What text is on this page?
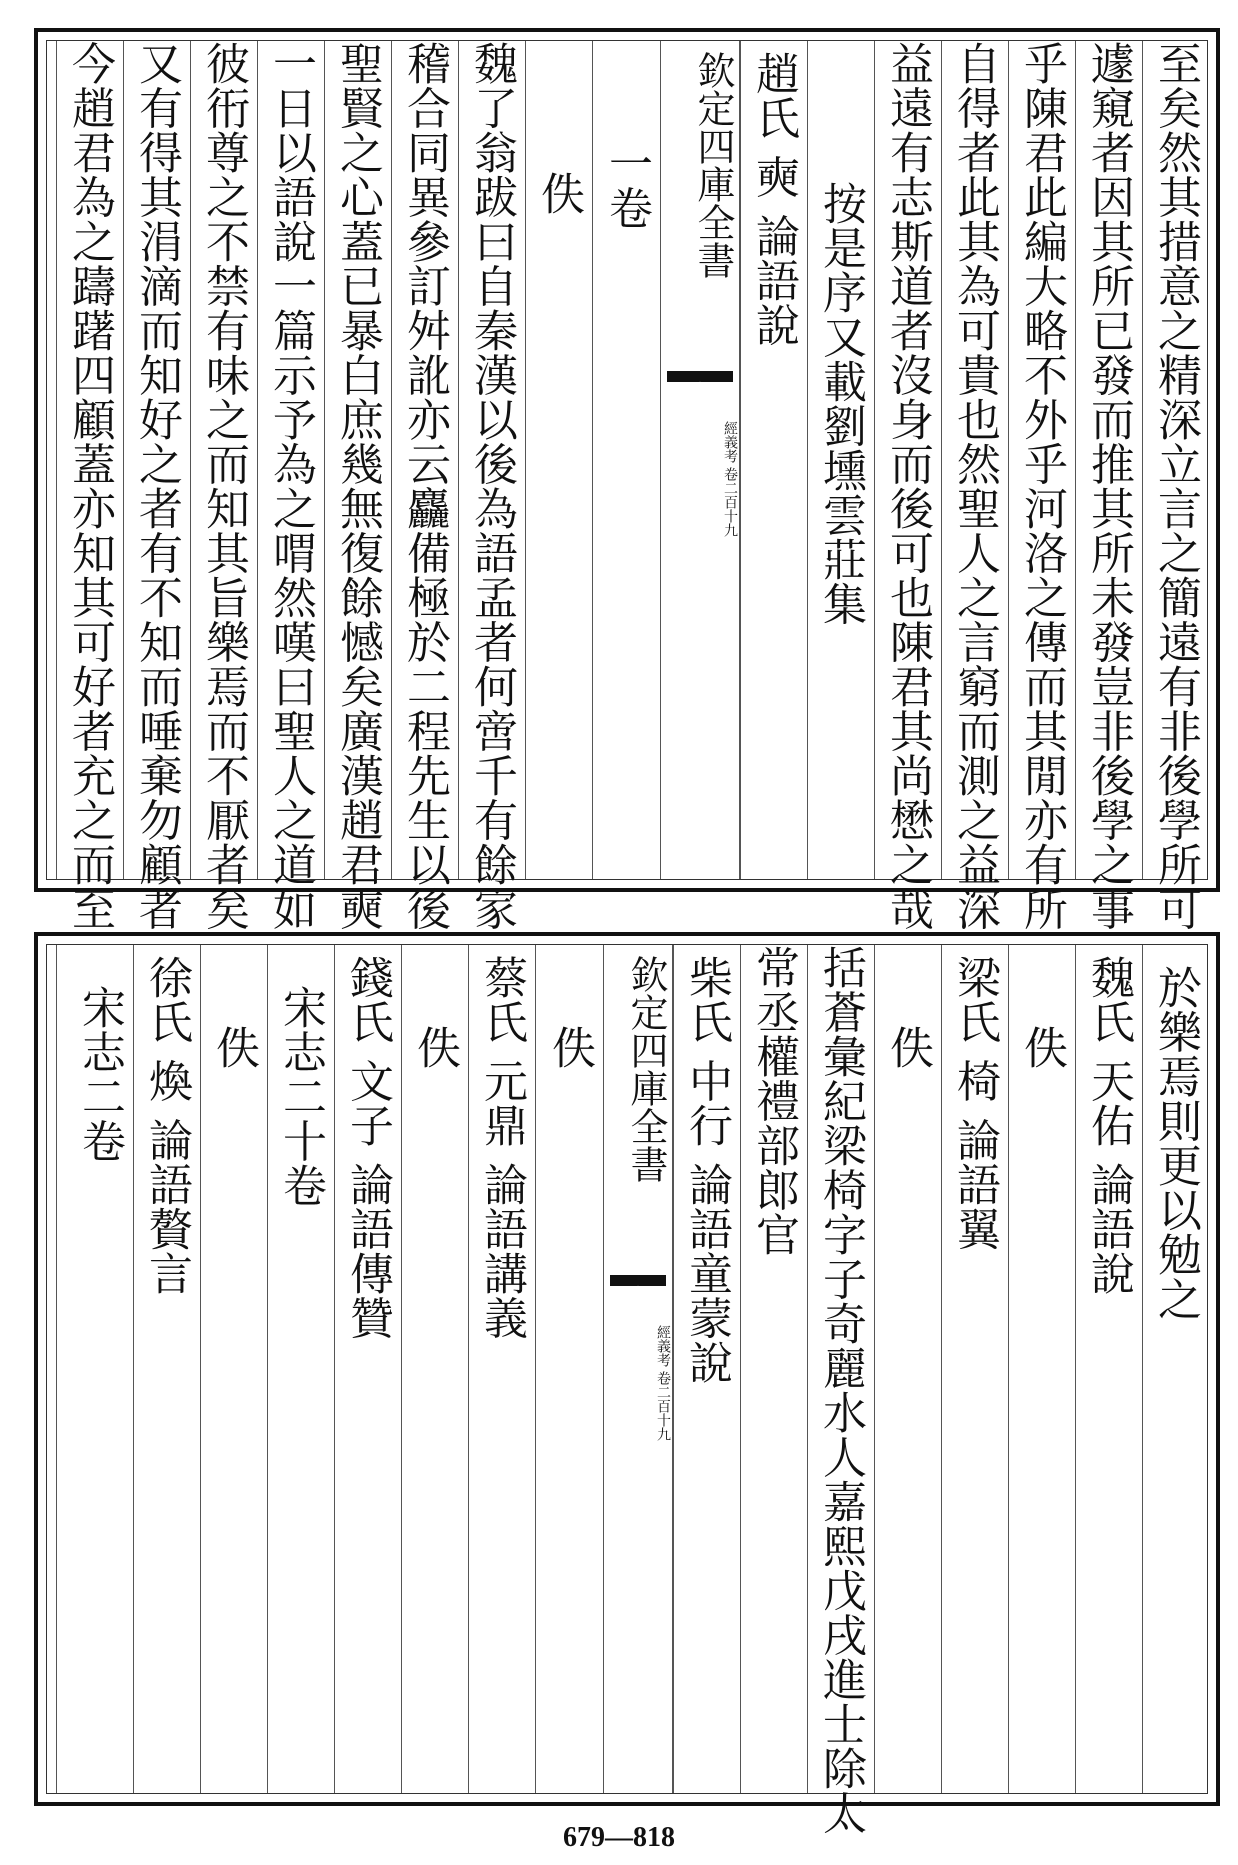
至矣然其措意之精深立言之簡遠有非後學所可
遽窺者因其所已發而推其所未發豈非後學之事
乎陳君此編大略不外乎河洛之傳而其閒亦有所
自得者此其為可貴也然聖人之言窮而測之益深
益遠有志斯道者沒身而後可也陳君其尚懋之哉
按是序又載劉壎雲莊集
趙氏 奭 論語說
欽定四庫全書
經義考
卷二百十九
一卷
佚
魏了翁跋曰自秦漢以後為語孟者何啻千有餘家
稽合同異參訂舛訛亦云麤備極於二程先生以後
聖賢之心蓋已暴白庶幾無復餘憾矣廣漢趙君奭
一日以語說一篇示予為之喟然嘆曰聖人之道如
彼衎尊之不禁有味之而知其旨樂焉而不厭者矣
又有得其涓滴而知好之者有不知而唾棄勿顧者
今趙君為之躊躇四顧蓋亦知其可好者充之而至
於樂焉則更以勉之
魏氏 天佑 論語說
佚
梁氏 椅 論語翼
佚
括蒼彙紀梁椅字子奇麗水人嘉熙戊戌進士除太
常丞權禮部郎官
柴氏 中行 論語童蒙說
欽定四庫全書
經義考
卷二百十九
佚
蔡氏 元鼎 論語講義
佚
錢氏 文子 論語傳贊
宋志二十卷
佚
徐氏 煥 論語贅言
宋志二卷
679—818
